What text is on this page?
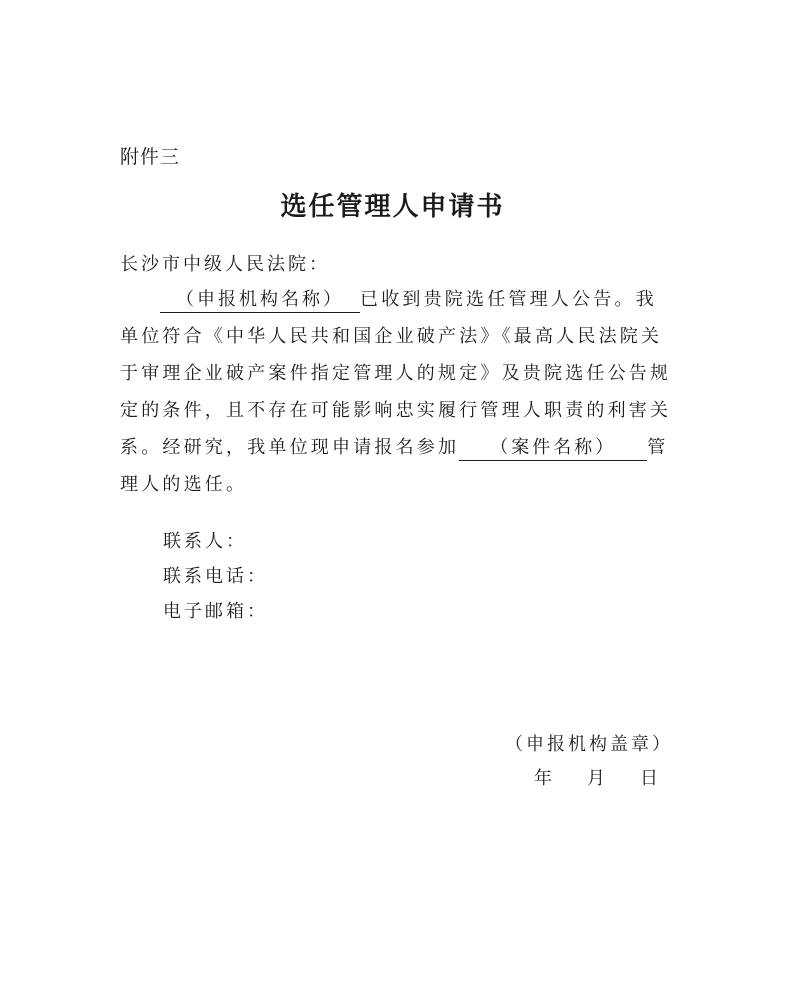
附件三
选任管理人申请书
长沙市中级人民法院：
（申报机构名称） 已收到贵院选任管理人公告。我
单位符合《中华人民共和国企业破产法》《最高人民法院关
于审理企业破产案件指定管理人的规定》及贵院选任公告规
定的条件，且不存在可能影响忠实履行管理人职责的利害关
系。经研究，我单位现申请报名参加 （案件名称） 管
理人的选任。
联系人：
联系电话：
电子邮箱：
（申报机构盖章）
年 月 日
